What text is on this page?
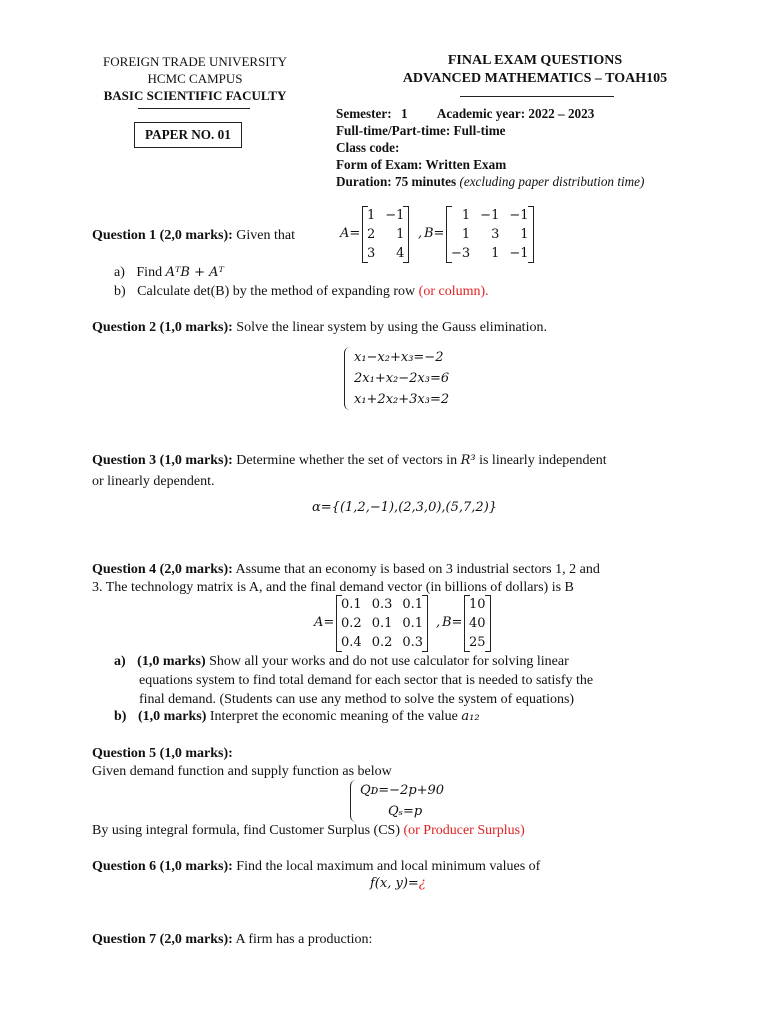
FOREIGN TRADE UNIVERSITY
HCMC CAMPUS
BASIC SCIENTIFIC FACULTY
PAPER NO. 01
FINAL EXAM QUESTIONS
ADVANCED MATHEMATICS – TOAH105
Semester: 1 Academic year: 2022 – 2023
Full-time/Part-time: Full-time
Class code:
Form of Exam: Written Exam
Duration: 75 minutes (excluding paper distribution time)
Question 1 (2,0 marks): Given that	A=
1	−1
2	1
3	4
, B=
1	−1	−1
1	3	1
−3	1	−1
a) Find AᵀB + Aᵀ
b) Calculate det(B) by the method of expanding row (or column).
Question 2 (1,0 marks): Solve the linear system by using the Gauss elimination.
x₁−x₂+x₃=−2
2x₁+x₂−2x₃=6
x₁+2x₂+3x₃=2
Question 3 (1,0 marks): Determine whether the set of vectors in R³ is linearly independent
or linearly dependent.
α={(1,2,−1),(2,3,0),(5,7,2)}
Question 4 (2,0 marks): Assume that an economy is based on 3 industrial sectors 1, 2 and
3. The technology matrix is A, and the final demand vector (in billions of dollars) is B
A=
0.1	0.3	0.1
0.2	0.1	0.1
0.4	0.2	0.3
, B=
10
40
25
a) (1,0 marks) Show all your works and do not use calculator for solving linear
equations system to find total demand for each sector that is needed to satisfy the
final demand. (Students can use any method to solve the system of equations)
b) (1,0 marks) Interpret the economic meaning of the value a₁₂
Question 5 (1,0 marks):
Given demand function and supply function as below
Qᴅ=−2p+90
Qₛ=p
By using integral formula, find Customer Surplus (CS) (or Producer Surplus)
Question 6 (1,0 marks): Find the local maximum and local minimum values of
f(x, y)=¿
Question 7 (2,0 marks): A firm has a production:
